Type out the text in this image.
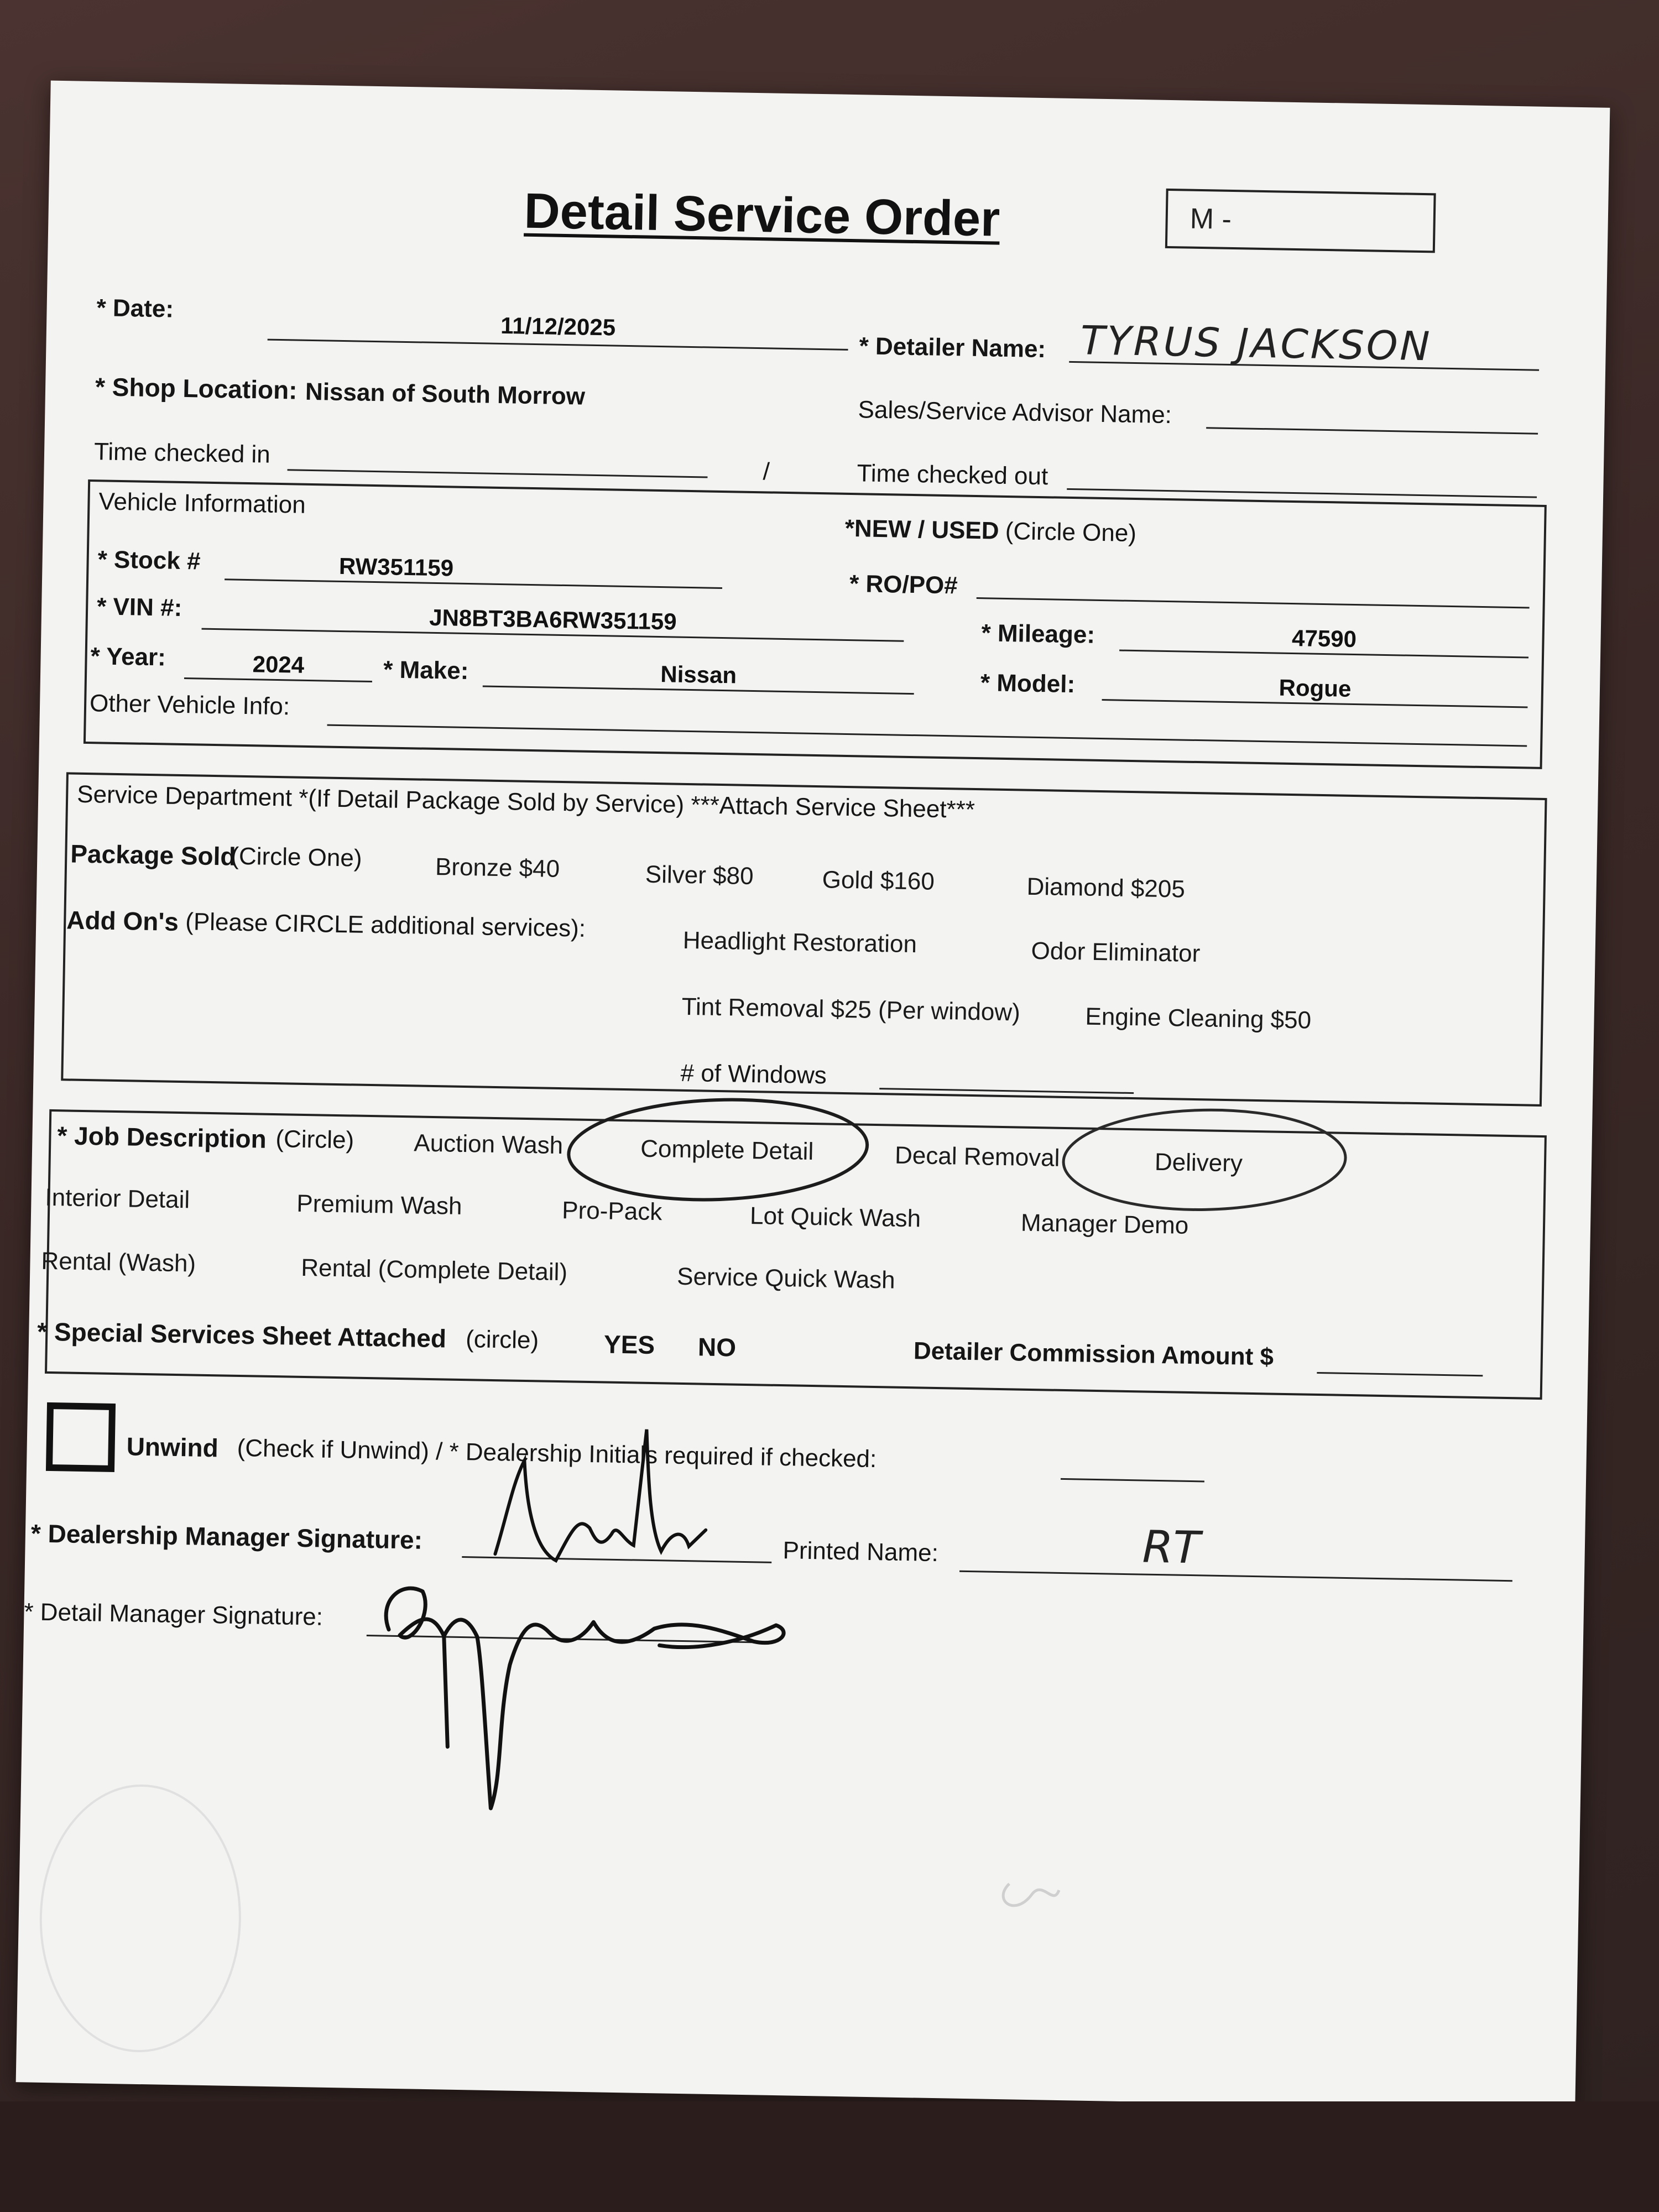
Detail Service Order	M -
* Date:
11/12/2025
* Detailer Name: TYRUS JACKSON
* Shop Location: Nissan of South Morrow
Sales/Service Advisor Name:
Time checked in
/	Time checked out
Vehicle Information
*NEW / USED (Circle One)
* Stock #	RW351159
* RO/PO#
* VIN #:	JN8BT3BA6RW351159	* Mileage:	47590
* Year:	2024	* Make:	Nissan	* Model:	Rogue
Other Vehicle Info:
Service Department *(If Detail Package Sold by Service) ***Attach Service Sheet***
Package Sold
(Circle One)	Bronze $40	Silver $80	Gold $160	Diamond $205
Add On's (Please CIRCLE additional services):
Headlight Restoration	Odor Eliminator
Tint Removal $25 (Per window)	Engine Cleaning $50
# of Windows
* Job Description (Circle) Auction Wash	Complete Detail	Decal Removal	Delivery
Interior Detail	Premium Wash	Pro-Pack	Lot Quick Wash	Manager Demo
Rental (Wash)	Rental (Complete Detail)	Service Quick Wash
* Special Services Sheet Attached (circle)	YES NO	Detailer Commission Amount $
Unwind (Check if Unwind) / * Dealership Initials required if checked:
* Dealership Manager Signature:	Printed Name:	RT
* Detail Manager Signature:
